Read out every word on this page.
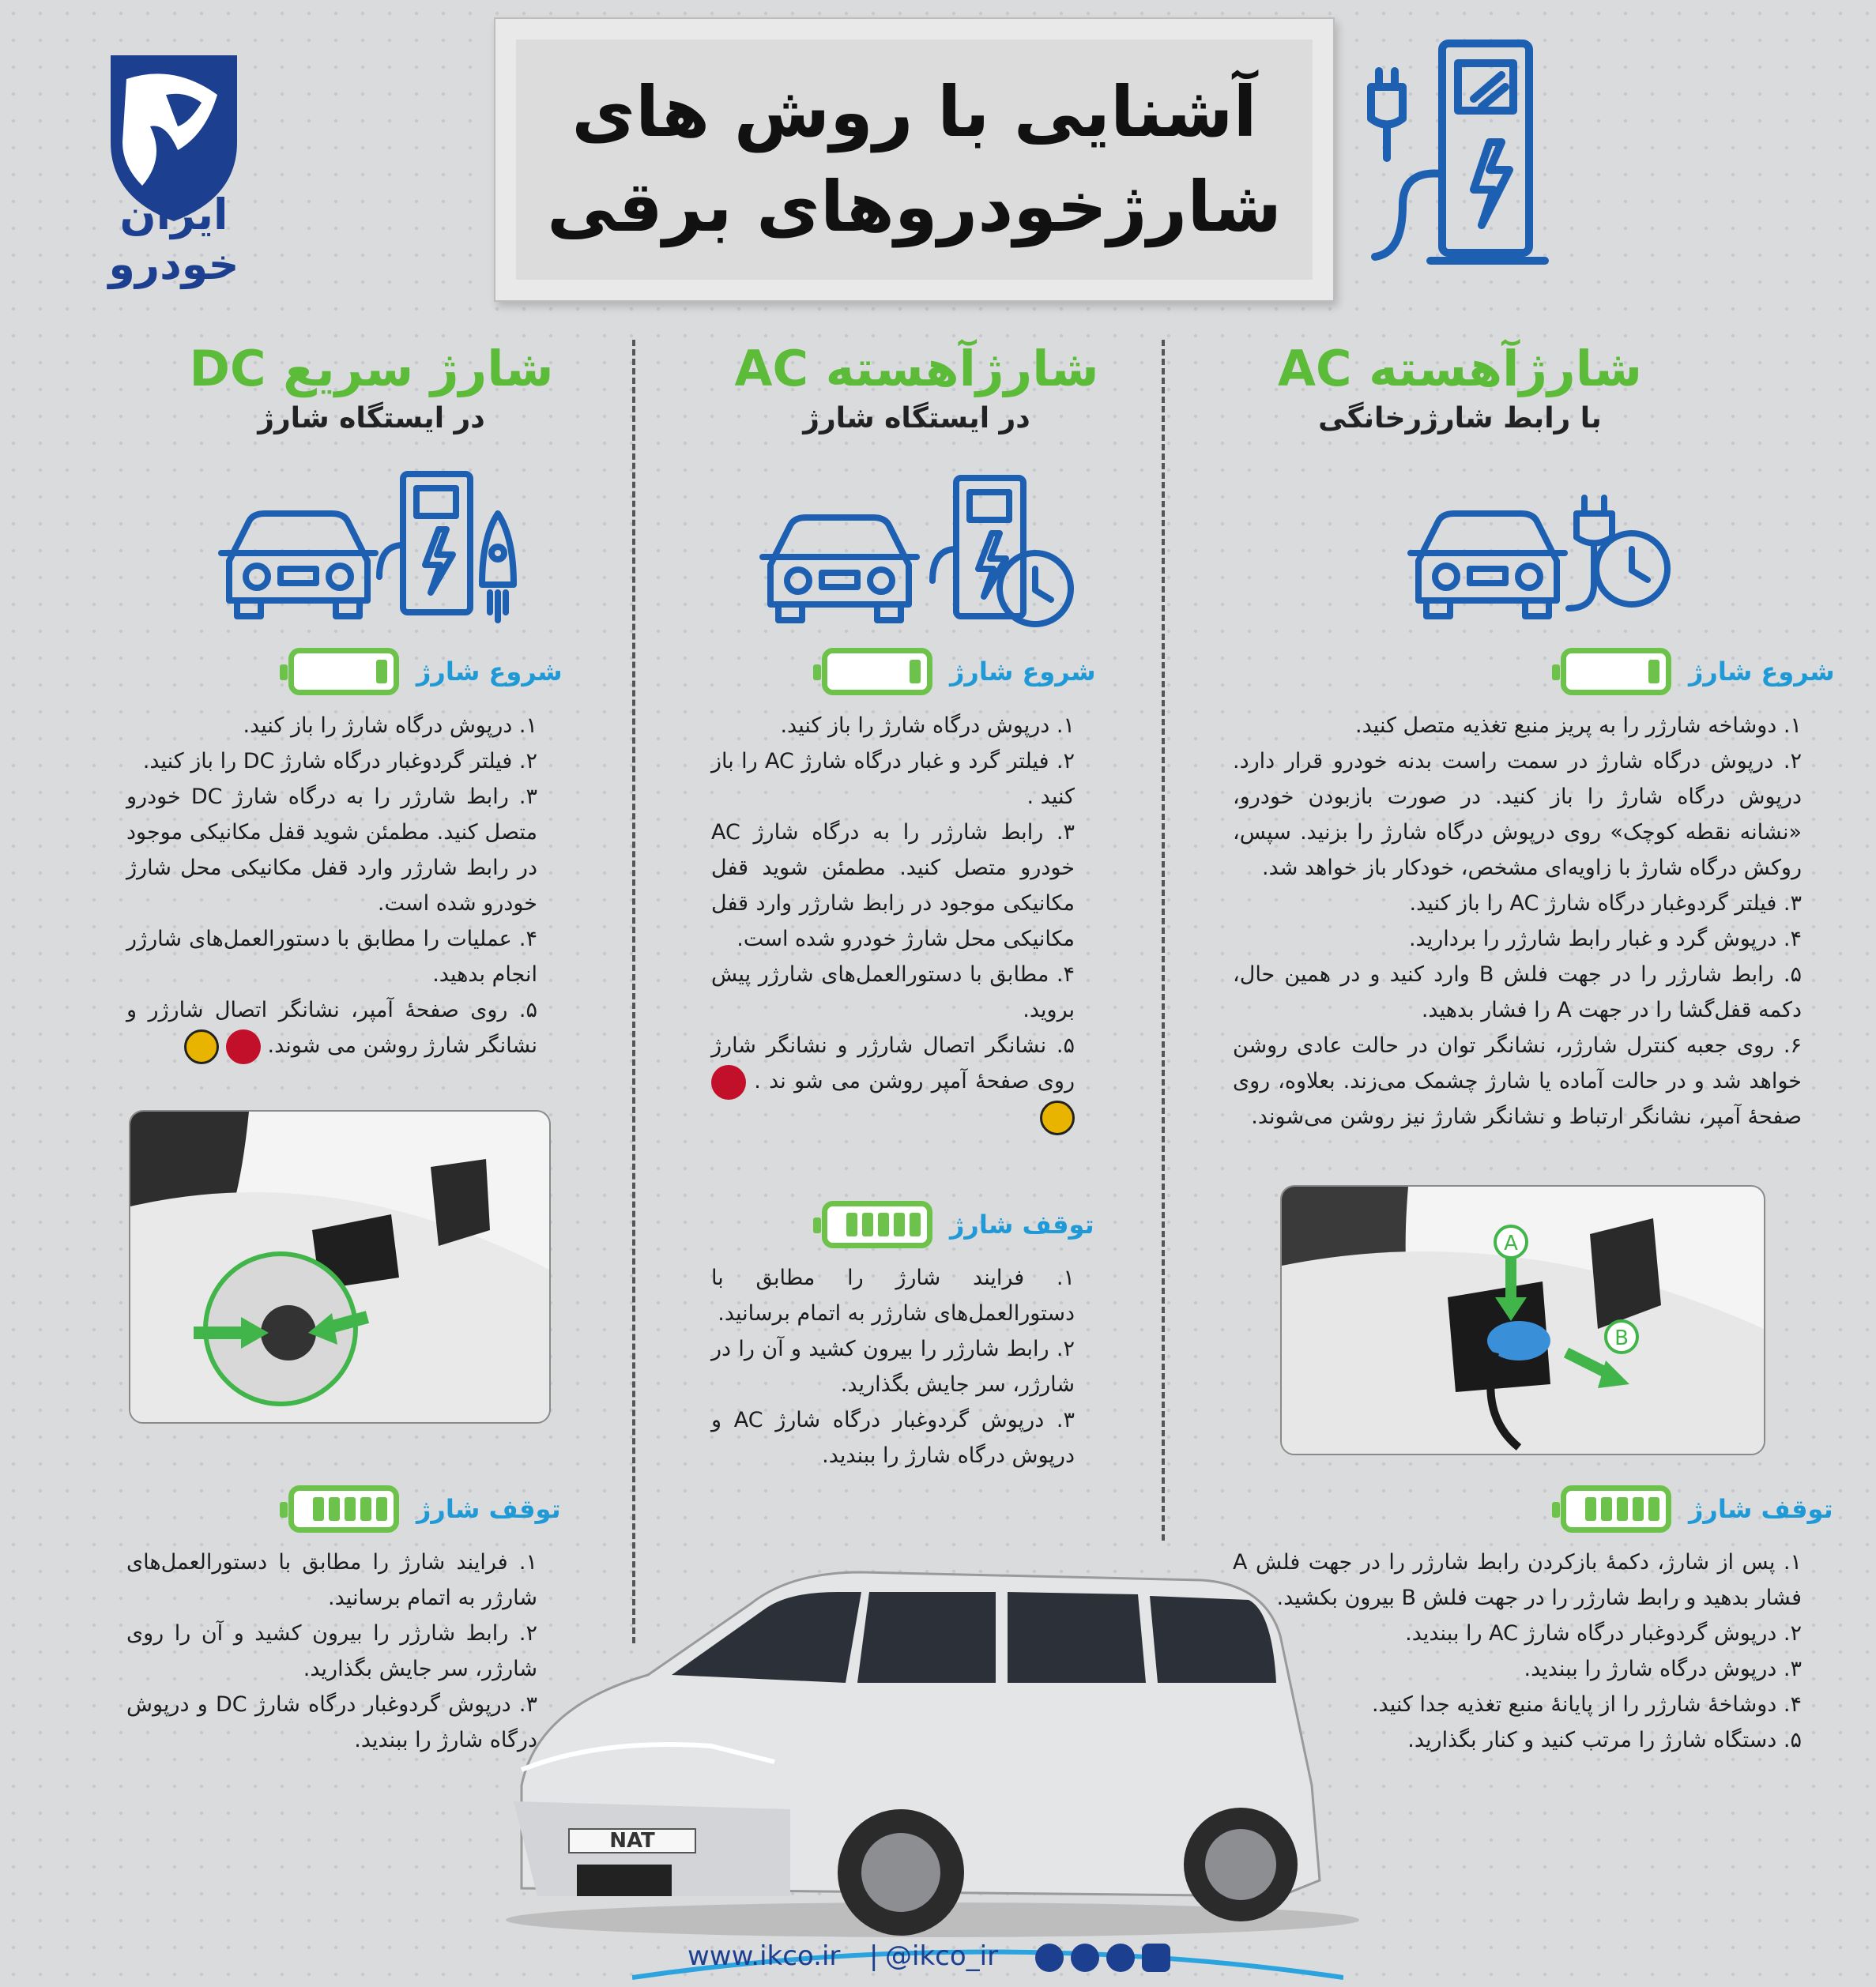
ایران خودرو
آشنایی با روش های
شارژخودروهای برقی
شارژآهسته AC
با رابط شارژرخانگی
شروع شارژ
۱. دوشاخه شارژر را به پریز منبع تغذیه متصل کنید.
۲. درپوش درگاه شارژ در سمت راست بدنه خودرو قرار دارد. درپوش درگاه شارژ را باز کنید. در صورت بازبودن خودرو، «نشانه نقطه کوچک» روی درپوش درگاه شارژ را بزنید. سپس، روکش درگاه شارژ با زاویه‌ای مشخص، خودکار باز خواهد شد.
۳. فیلتر گردوغبار درگاه شارژ AC را باز کنید.
۴. درپوش گرد و غبار رابط شارژر را بردارید.
۵. رابط شارژر را در جهت فلش B وارد کنید و در همین حال، دکمه قفل‌گشا را در جهت A را فشار بدهید.
۶. روی جعبه کنترل شارژر، نشانگر توان در حالت عادی روشن خواهد شد و در حالت آماده یا شارژ چشمک می‌زند. بعلاوه، روی صفحهٔ آمپر، نشانگر ارتباط و نشانگر شارژ نیز روشن می‌شوند.
A
B
توقف شارژ
۱. پس از شارژ، دکمهٔ بازکردن رابط شارژر را در جهت فلش A فشار بدهید و رابط شارژر را در جهت فلش B بیرون بکشید.
۲. درپوش گردوغبار درگاه شارژ AC را ببندید.
۳. درپوش درگاه شارژ را ببندید.
۴. دوشاخهٔ شارژر را از پایانهٔ منبع تغذیه جدا کنید.
۵. دستگاه شارژ را مرتب کنید و کنار بگذارید.
شارژآهسته AC
در ایستگاه شارژ
شروع شارژ
۱. درپوش درگاه شارژ را باز کنید.
۲. فیلتر گرد و غبار درگاه شارژ AC را باز کنید .
۳. رابط شارژر را به درگاه شارژ AC خودرو متصل کنید. مطمئن شوید قفل مکانیکی موجود در رابط شارژر وارد قفل مکانیکی محل شارژ خودرو شده است.
۴. مطابق با دستورالعمل‌های شارژر پیش بروید.
۵. نشانگر اتصال شارژر و نشانگر شارژ روی صفحهٔ آمپر روشن می شو ند .
توقف شارژ
۱. فرایند شارژ را مطابق با دستورالعمل‌های شارژر به اتمام برسانید.
۲. رابط شارژر را بیرون کشید و آن را در شارژر، سر جایش بگذارید.
۳. درپوش گردوغبار درگاه شارژ AC و درپوش درگاه شارژ را ببندید.
شارژ سریع DC
در ایستگاه شارژ
شروع شارژ
۱. درپوش درگاه شارژ را باز کنید.
۲. فیلتر گردوغبار درگاه شارژ DC را باز کنید.
۳. رابط شارژر را به درگاه شارژ DC خودرو متصل کنید. مطمئن شوید قفل مکانیکی موجود در رابط شارژر وارد قفل مکانیکی محل شارژ خودرو شده است.
۴. عملیات را مطابق با دستورالعمل‌های شارژر انجام بدهید.
۵. روی صفحهٔ آمپر، نشانگر اتصال شارژر و نشانگر شارژ روشن می شوند.
توقف شارژ
۱. فرایند شارژ را مطابق با دستورالعمل‌های شارژر به اتمام برسانید.
۲. رابط شارژر را بیرون کشید و آن را روی شارژر، سر جایش بگذارید.
۳. درپوش گردوغبار درگاه شارژ DC و درپوش درگاه شارژ را ببندید.
NAT
www.ikco.ir | @ikco_ir
